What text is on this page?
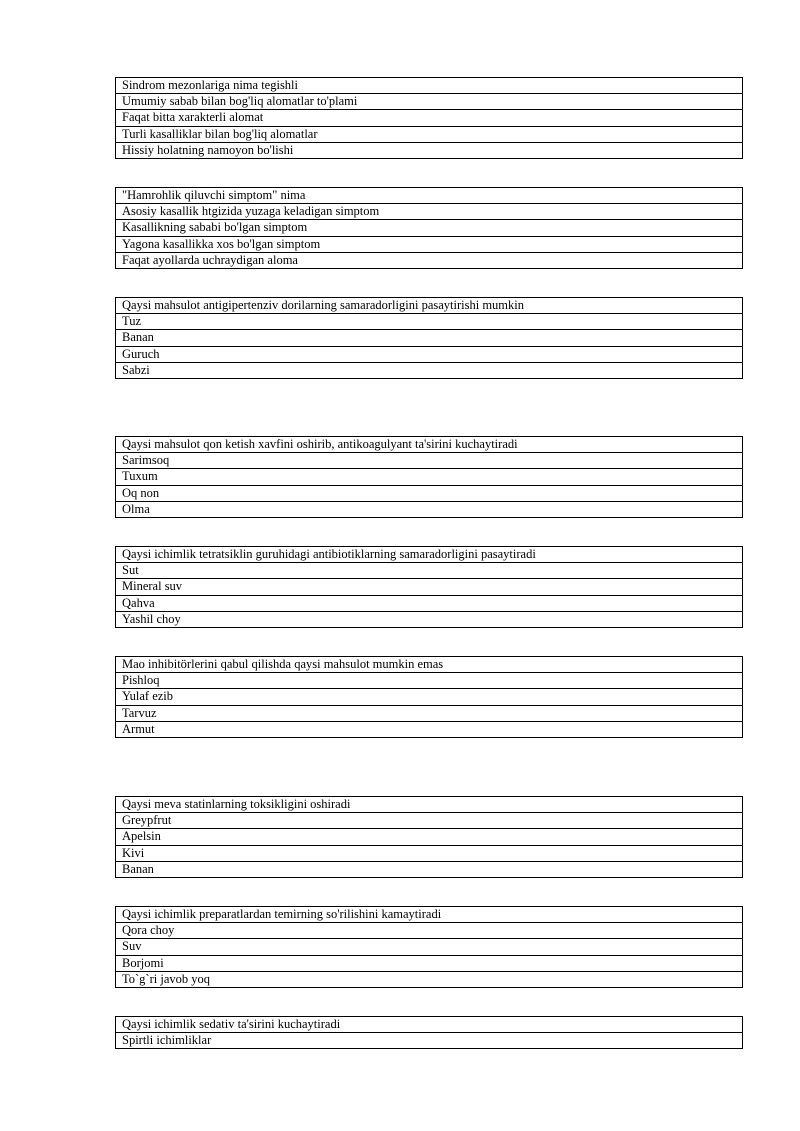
Sindrom mezonlariga nima tegishli
Umumiy sabab bilan bog'liq alomatlar to'plami
Faqat bitta xarakterli alomat
Turli kasalliklar bilan bog'liq alomatlar
Hissiy holatning namoyon bo'lishi
"Hamrohlik qiluvchi simptom" nima
Asosiy kasallik htgizida yuzaga keladigan simptom
Kasallikning sababi bo'lgan simptom
Yagona kasallikka xos bo'lgan simptom
Faqat ayollarda uchraydigan aloma
Qaysi mahsulot antigipertenziv dorilarning samaradorligini pasaytirishi mumkin
Tuz
Banan
Guruch
Sabzi
Qaysi mahsulot qon ketish xavfini oshirib, antikoagulyant ta'sirini kuchaytiradi
Sarimsoq
Tuxum
Oq non
Olma
Qaysi ichimlik tetratsiklin guruhidagi antibiotiklarning samaradorligini pasaytiradi
Sut
Mineral suv
Qahva
Yashil choy
Mao inhibitörlerini qabul qilishda qaysi mahsulot mumkin emas
Pishloq
Yulaf ezib
Tarvuz
Armut
Qaysi meva statinlarning toksikligini oshiradi
Greypfrut
Apelsin
Kivi
Banan
Qaysi ichimlik preparatlardan temirning so'rilishini kamaytiradi
Qora choy
Suv
Borjomi
To`g`ri javob yoq
Qaysi ichimlik sedativ ta'sirini kuchaytiradi
Spirtli ichimliklar
